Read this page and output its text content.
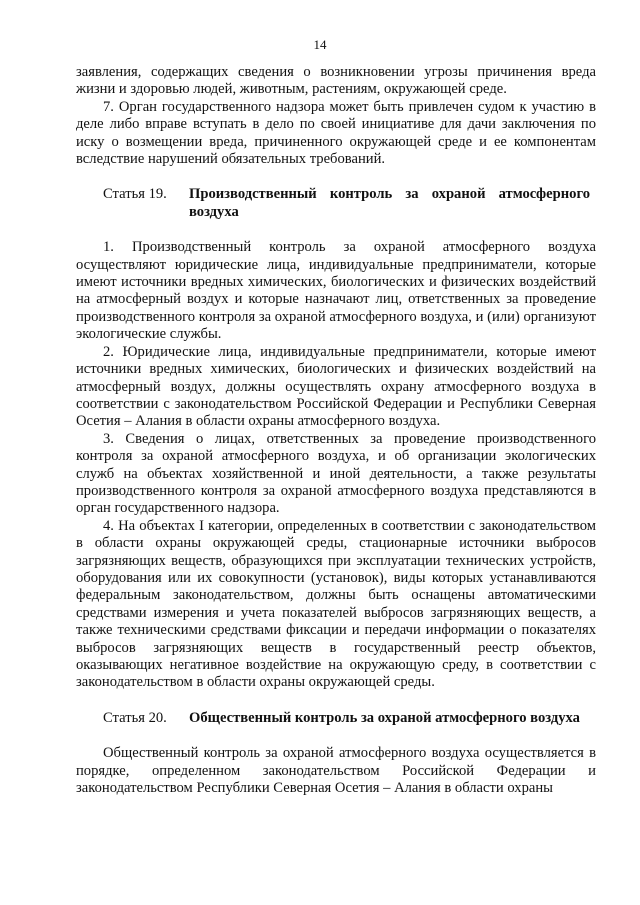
14

заявления, содержащих сведения о возникновении угрозы причинения вреда жизни и здоровью людей, животным, растениям, окружающей среде.

7. Орган государственного надзора может быть привлечен судом к участию в деле либо вправе вступать в дело по своей инициативе для дачи заключения по иску о возмещении вреда, причиненного окружающей среде и ее компонентам вследствие нарушений обязательных требований.

Статья 19.	Производственный контроль за охраной атмосферного воздуха

1. Производственный контроль за охраной атмосферного воздуха осуществляют юридические лица, индивидуальные предприниматели, которые имеют источники вредных химических, биологических и физических воздействий на атмосферный воздух и которые назначают лиц, ответственных за проведение производственного контроля за охраной атмосферного воздуха, и (или) организуют экологические службы.

2. Юридические лица, индивидуальные предприниматели, которые имеют источники вредных химических, биологических и физических воздействий на атмосферный воздух, должны осуществлять охрану атмосферного воздуха в соответствии с законодательством Российской Федерации и Республики Северная Осетия – Алания в области охраны атмосферного воздуха.

3. Сведения о лицах, ответственных за проведение производственного контроля за охраной атмосферного воздуха, и об организации экологических служб на объектах хозяйственной и иной деятельности, а также результаты производственного контроля за охраной атмосферного воздуха представляются в орган государственного надзора.

4. На объектах I категории, определенных в соответствии с законодательством в области охраны окружающей среды, стационарные источники выбросов загрязняющих веществ, образующихся при эксплуатации технических устройств, оборудования или их совокупности (установок), виды которых устанавливаются федеральным законодательством, должны быть оснащены автоматическими средствами измерения и учета показателей выбросов загрязняющих веществ, а также техническими средствами фиксации и передачи информации о показателях выбросов загрязняющих веществ в государственный реестр объектов, оказывающих негативное воздействие на окружающую среду, в соответствии с законодательством в области охраны окружающей среды.

Статья 20.	Общественный контроль за охраной атмосферного воздуха

Общественный контроль за охраной атмосферного воздуха осуществляется в порядке, определенном законодательством Российской Федерации и законодательством Республики Северная Осетия – Алания в области охраны
